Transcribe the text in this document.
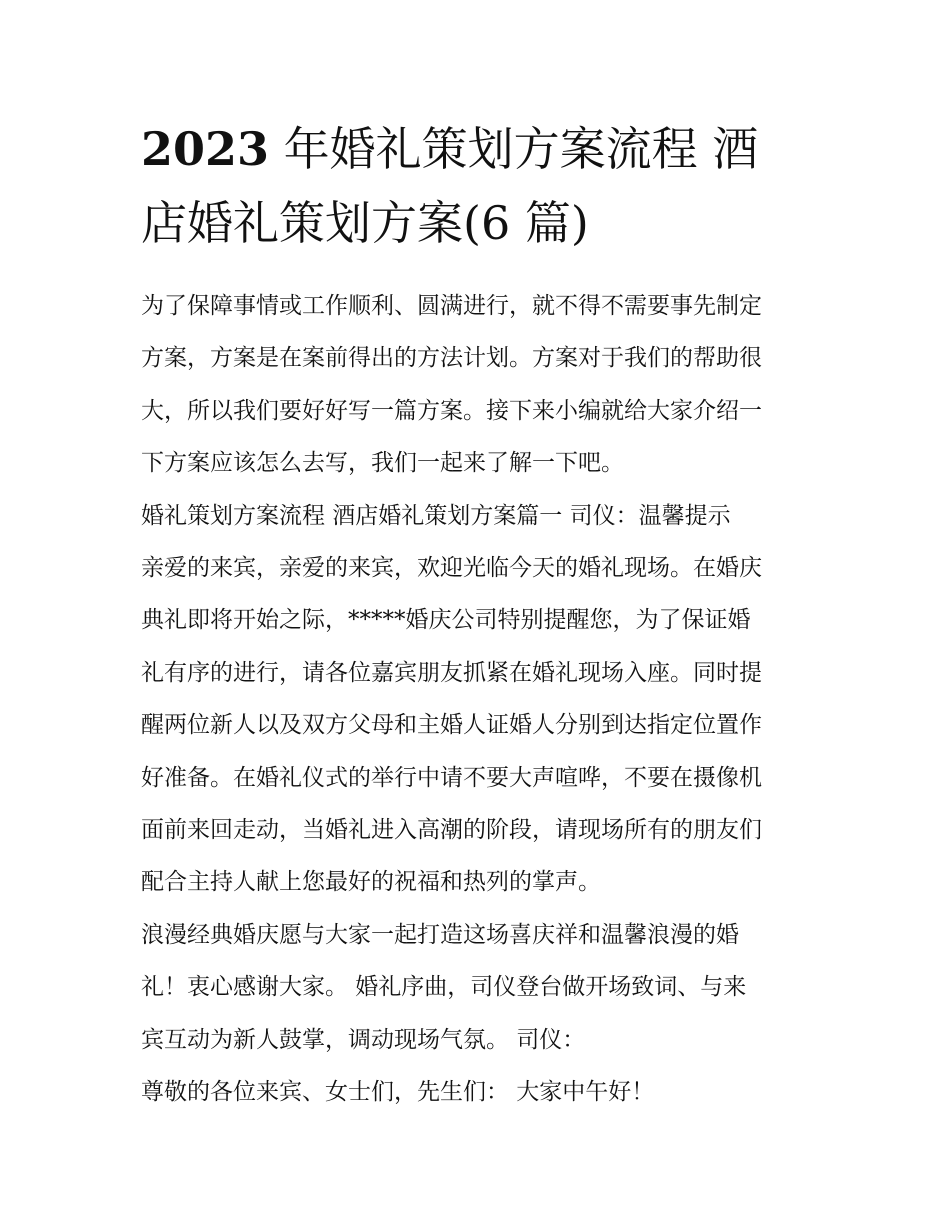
2023 年婚礼策划方案流程 酒
店婚礼策划方案(6 篇)

为了保障事情或工作顺利、圆满进行，就不得不需要事先制定
方案，方案是在案前得出的方法计划。方案对于我们的帮助很
大，所以我们要好好写一篇方案。接下来小编就给大家介绍一
下方案应该怎么去写，我们一起来了解一下吧。

婚礼策划方案流程 酒店婚礼策划方案篇一 司仪：温馨提示

亲爱的来宾，亲爱的来宾，欢迎光临今天的婚礼现场。在婚庆
典礼即将开始之际，*****婚庆公司特别提醒您，为了保证婚
礼有序的进行，请各位嘉宾朋友抓紧在婚礼现场入座。同时提
醒两位新人以及双方父母和主婚人证婚人分别到达指定位置作
好准备。在婚礼仪式的举行中请不要大声喧哗，不要在摄像机
面前来回走动，当婚礼进入高潮的阶段，请现场所有的朋友们
配合主持人献上您最好的祝福和热列的掌声。

浪漫经典婚庆愿与大家一起打造这场喜庆祥和温馨浪漫的婚
礼！衷心感谢大家。 婚礼序曲，司仪登台做开场致词、与来
宾互动为新人鼓掌，调动现场气氛。 司仪：

尊敬的各位来宾、女士们，先生们： 大家中午好！
